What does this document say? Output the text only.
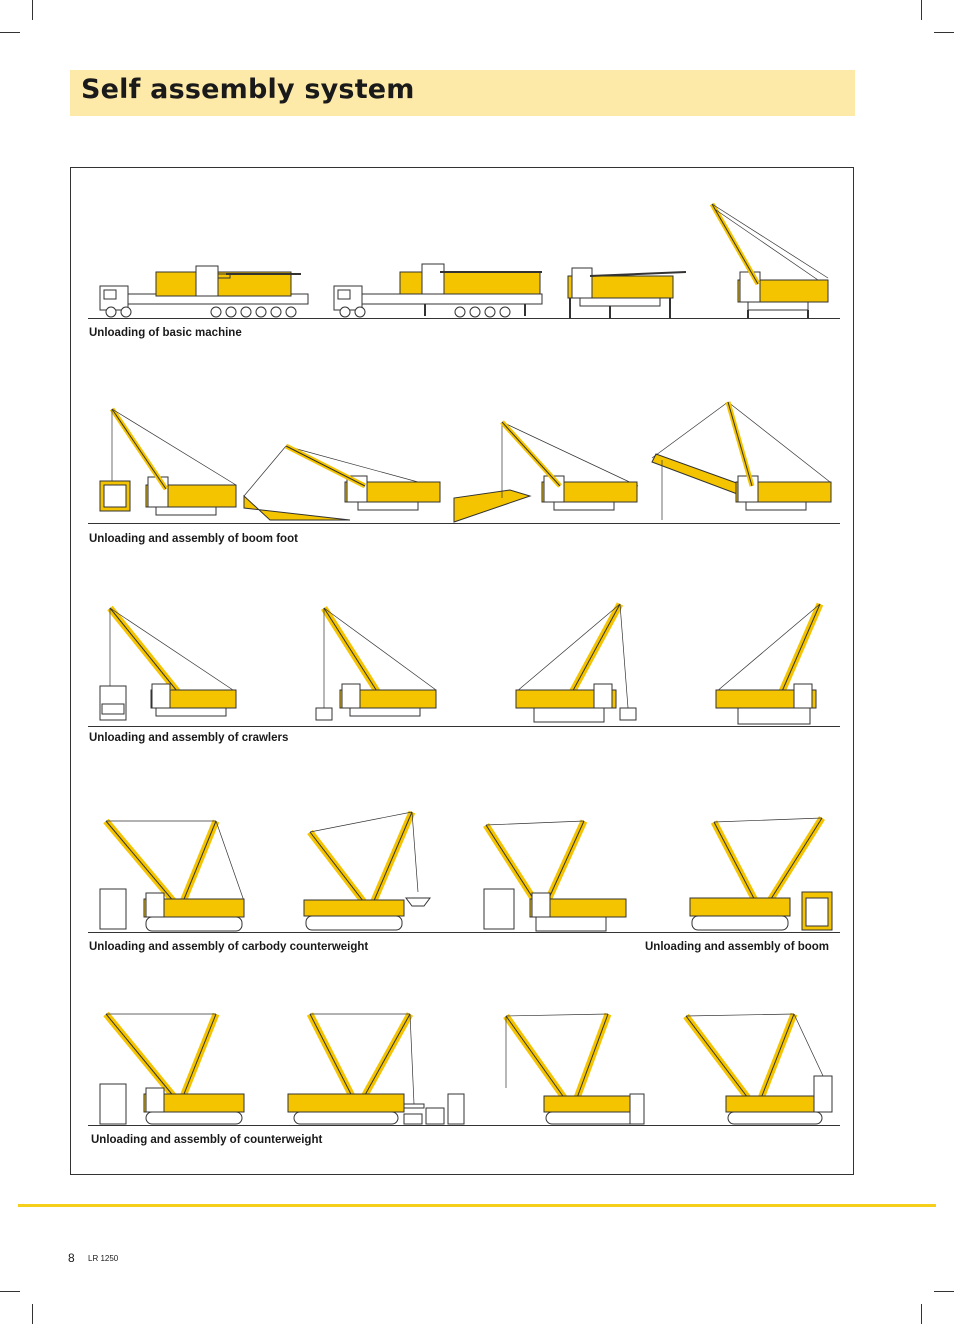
Self assembly system
Unloading of basic machine
Unloading and assembly of boom foot
Unloading and assembly of crawlers
Unloading and assembly of carbody counterweight	Unloading and assembly of boom
Unloading and assembly of counterweight
8 LR 1250
